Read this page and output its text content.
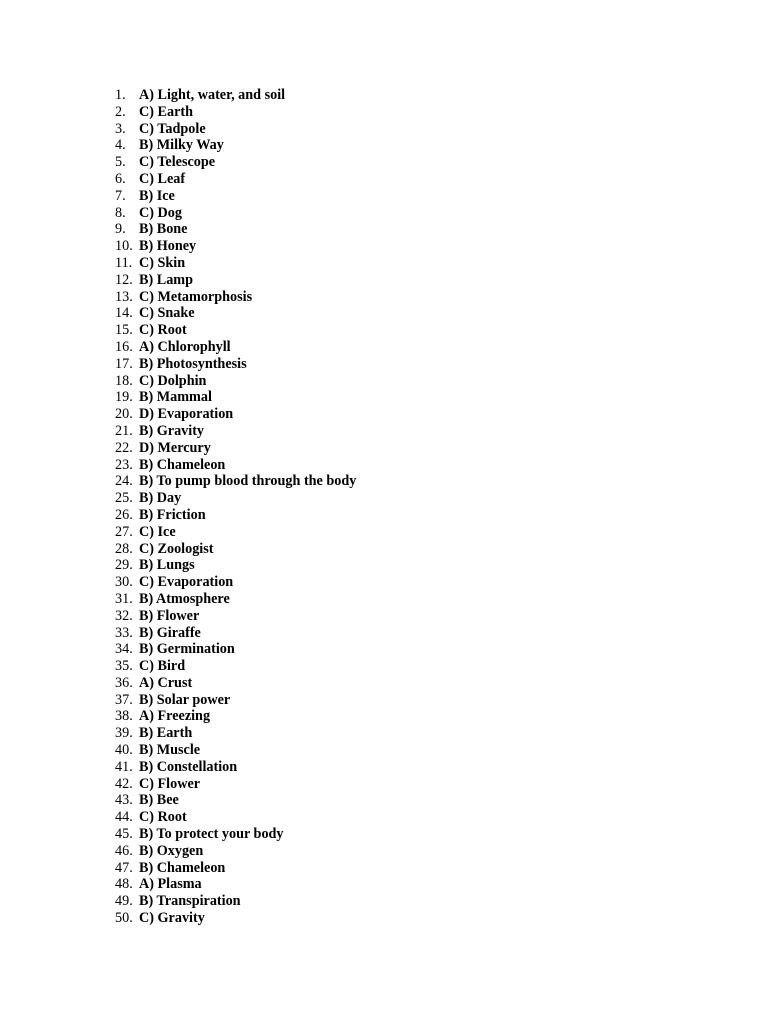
1. A) Light, water, and soil
2. C) Earth
3. C) Tadpole
4. B) Milky Way
5. C) Telescope
6. C) Leaf
7. B) Ice
8. C) Dog
9. B) Bone
10. B) Honey
11. C) Skin
12. B) Lamp
13. C) Metamorphosis
14. C) Snake
15. C) Root
16. A) Chlorophyll
17. B) Photosynthesis
18. C) Dolphin
19. B) Mammal
20. D) Evaporation
21. B) Gravity
22. D) Mercury
23. B) Chameleon
24. B) To pump blood through the body
25. B) Day
26. B) Friction
27. C) Ice
28. C) Zoologist
29. B) Lungs
30. C) Evaporation
31. B) Atmosphere
32. B) Flower
33. B) Giraffe
34. B) Germination
35. C) Bird
36. A) Crust
37. B) Solar power
38. A) Freezing
39. B) Earth
40. B) Muscle
41. B) Constellation
42. C) Flower
43. B) Bee
44. C) Root
45. B) To protect your body
46. B) Oxygen
47. B) Chameleon
48. A) Plasma
49. B) Transpiration
50. C) Gravity
